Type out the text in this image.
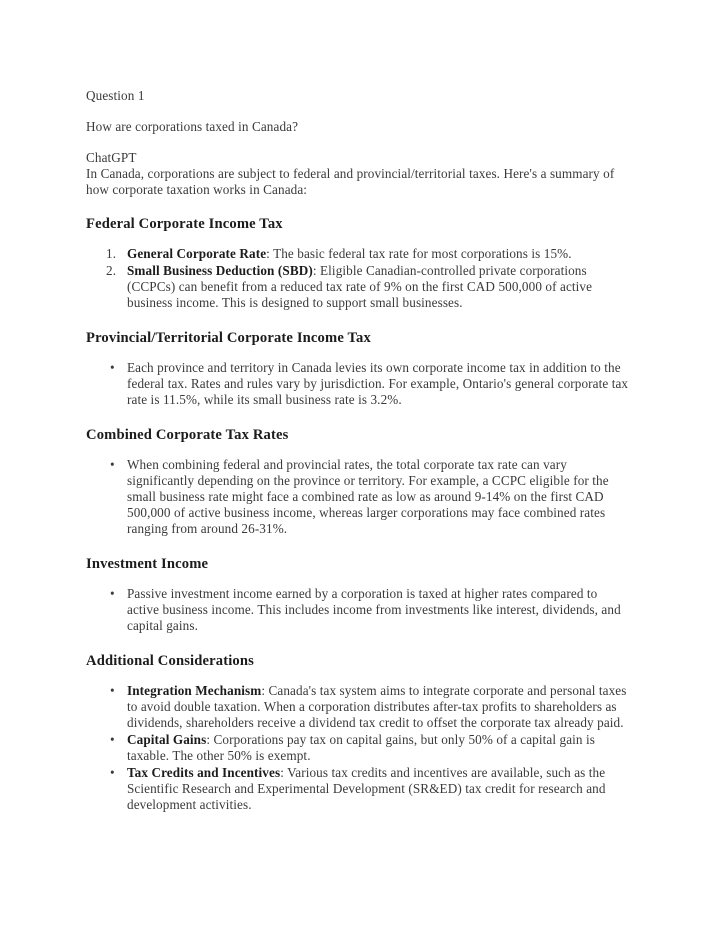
Question 1

How are corporations taxed in Canada?

ChatGPT

In Canada, corporations are subject to federal and provincial/territorial taxes. Here's a summary of how corporate taxation works in Canada:

Federal Corporate Income Tax
1. General Corporate Rate: The basic federal tax rate for most corporations is 15%.
2. Small Business Deduction (SBD): Eligible Canadian-controlled private corporations (CCPCs) can benefit from a reduced tax rate of 9% on the first CAD 500,000 of active business income. This is designed to support small businesses.
Provincial/Territorial Corporate Income Tax
• Each province and territory in Canada levies its own corporate income tax in addition to the federal tax. Rates and rules vary by jurisdiction. For example, Ontario's general corporate tax rate is 11.5%, while its small business rate is 3.2%.
Combined Corporate Tax Rates
• When combining federal and provincial rates, the total corporate tax rate can vary significantly depending on the province or territory. For example, a CCPC eligible for the small business rate might face a combined rate as low as around 9-14% on the first CAD 500,000 of active business income, whereas larger corporations may face combined rates ranging from around 26-31%.
Investment Income
• Passive investment income earned by a corporation is taxed at higher rates compared to active business income. This includes income from investments like interest, dividends, and capital gains.
Additional Considerations
• Integration Mechanism: Canada's tax system aims to integrate corporate and personal taxes to avoid double taxation. When a corporation distributes after-tax profits to shareholders as dividends, shareholders receive a dividend tax credit to offset the corporate tax already paid.
• Capital Gains: Corporations pay tax on capital gains, but only 50% of a capital gain is taxable. The other 50% is exempt.
• Tax Credits and Incentives: Various tax credits and incentives are available, such as the Scientific Research and Experimental Development (SR&ED) tax credit for research and development activities.
